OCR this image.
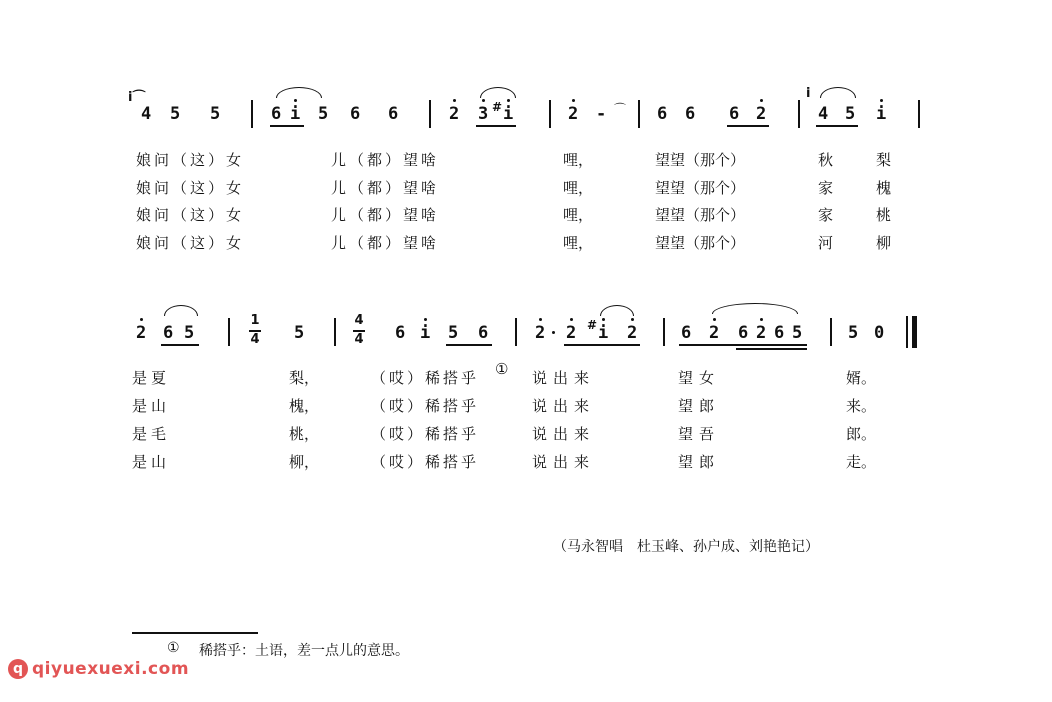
i⌒
4 5 5	6 i 5 6 6	2 3 # i	2 - ⌒ 6 6 6 2
i
4 5 i
娘问（这）女	儿（都）望啥	哩，	望望（那个）	秋	梨
娘问（这）女	儿（都）望啥	哩，	望望（那个）	家	槐
娘问（这）女	儿（都）望啥	哩，	望望（那个）	家	桃
娘问（这）女	儿（都）望啥	哩，	望望（那个）	河	柳
2 6 5
1
4 5
4
4 6 i 5 6	2 2 # i 2	6 2 6 2 6 5	5 0
是夏	梨，	（哎）稀搭乎 ① 说出来	望女	婿。
是山	槐，	（哎）稀搭乎	说出来	望郎	来。
是毛	桃，	（哎）稀搭乎	说出来	望吾	郎。
是山	柳，	（哎）稀搭乎	说出来	望郎	走。
（马永智唱　杜玉峰、孙户成、刘艳艳记）
① 稀搭乎：土语，差一点儿的意思。
q qiyuexuexi.com
